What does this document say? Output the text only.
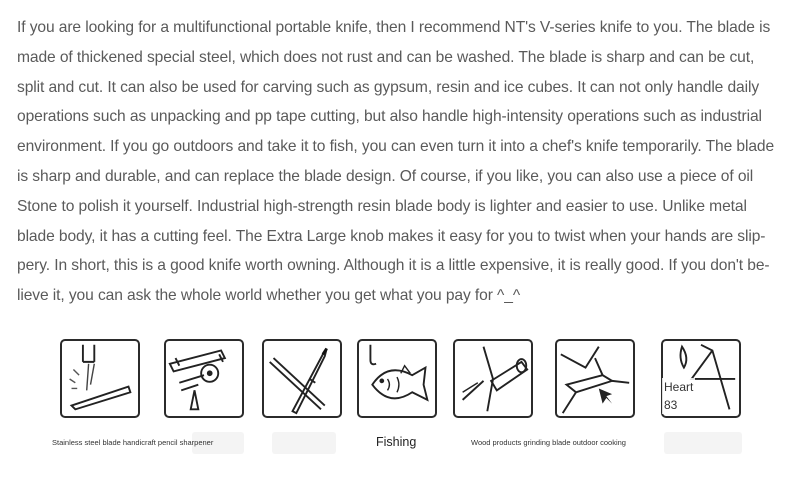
If you are looking for a multifunctional portable knife, then I recommend NT's V-series knife to you. The blade is
made of thickened special steel, which does not rust and can be washed. The blade is sharp and can be cut,
split and cut. It can also be used for carving such as gypsum, resin and ice cubes. It can not only handle daily
operations such as unpacking and pp tape cutting, but also handle high-intensity operations such as industrial
environment. If you go outdoors and take it to fish, you can even turn it into a chef's knife temporarily. The blade
is sharp and durable, and can replace the blade design. Of course, if you like, you can also use a piece of oil
Stone to polish it yourself. Industrial high-strength resin blade body is lighter and easier to use. Unlike metal
blade body, it has a cutting feel. The Extra Large knob makes it easy for you to twist when your hands are slip-
pery. In short, this is a good knife worth owning. Although it is a little expensive, it is really good. If you don't be-
lieve it, you can ask the whole world whether you get what you pay for ^_^
Heart
83
Stainless steel blade handicraft pencil sharpener	Fishing	Wood products grinding blade outdoor cooking
